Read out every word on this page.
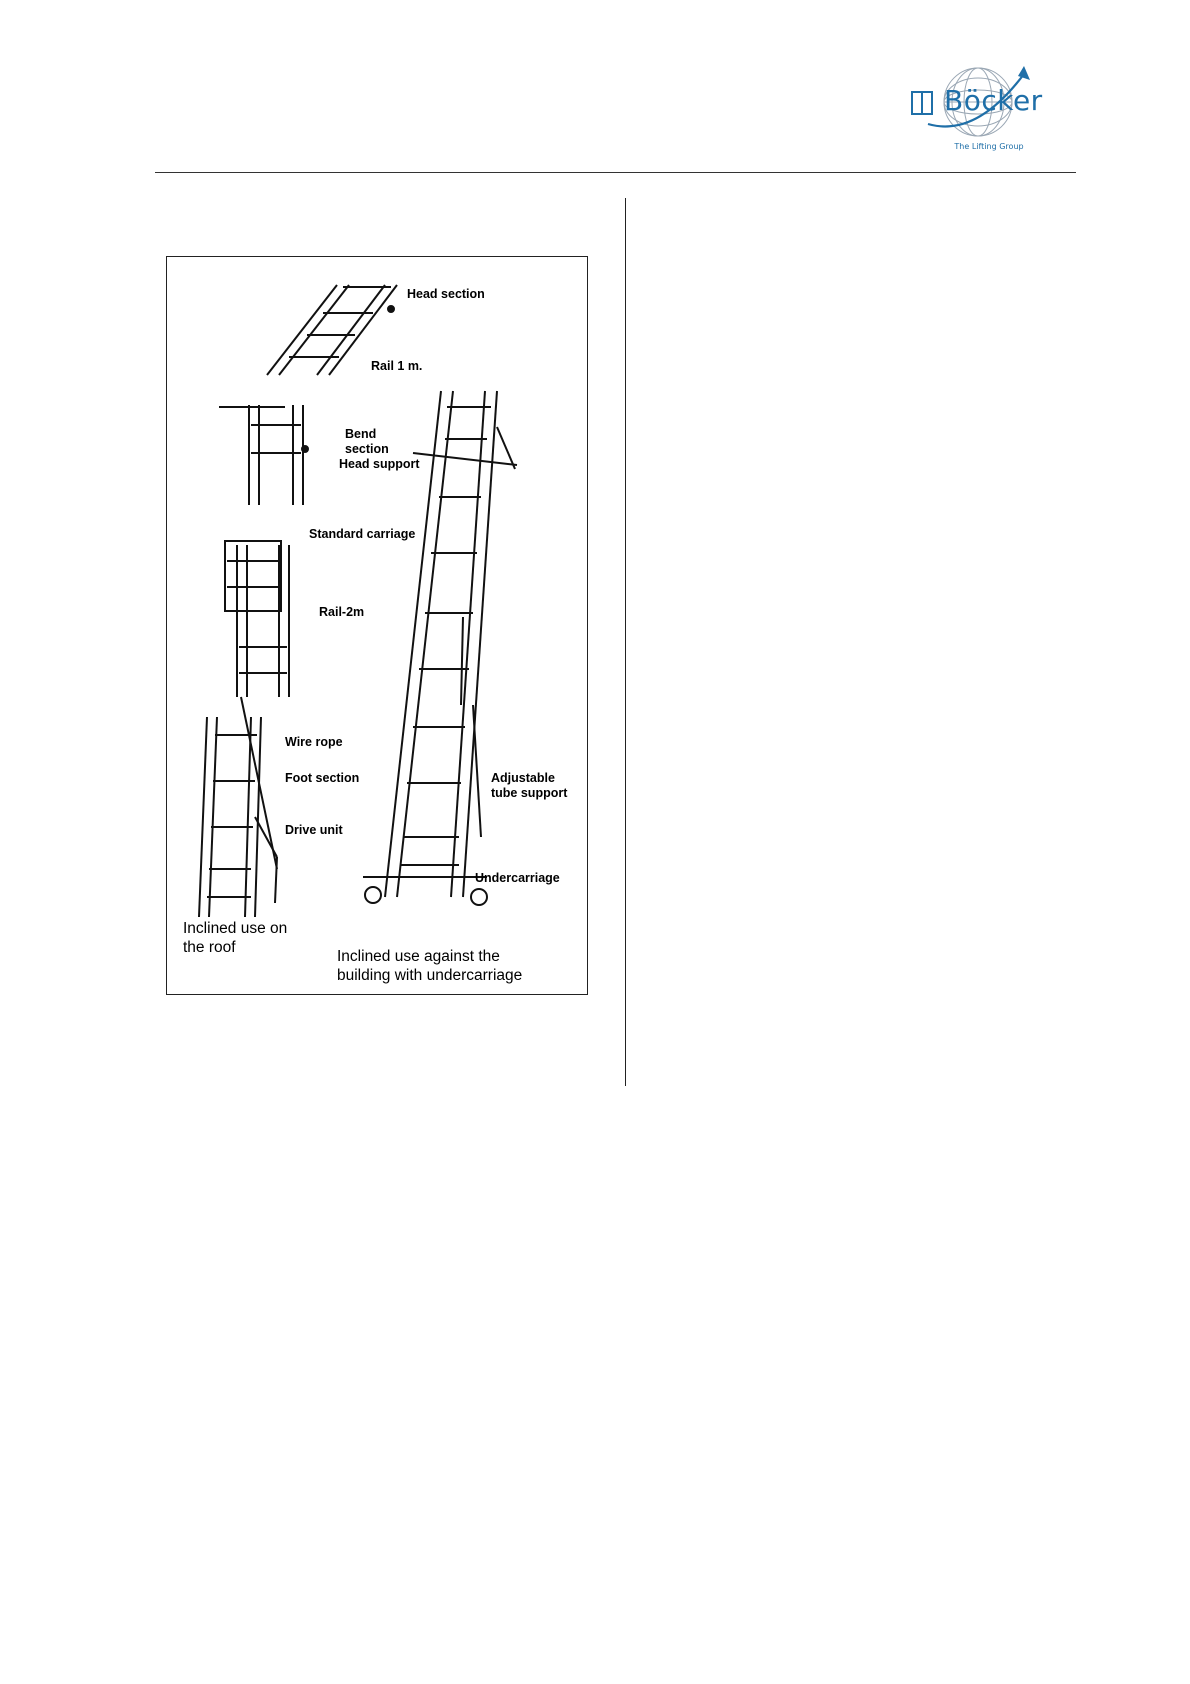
Böcker
The Lifting Group
Head section
Rail 1 m.
Bend
section
Head support
Standard carriage
Rail-2m
Wire rope
Foot section
Drive unit
Adjustable
tube support
Undercarriage
Inclined use on
the roof
Inclined use against the
building with undercarriage
